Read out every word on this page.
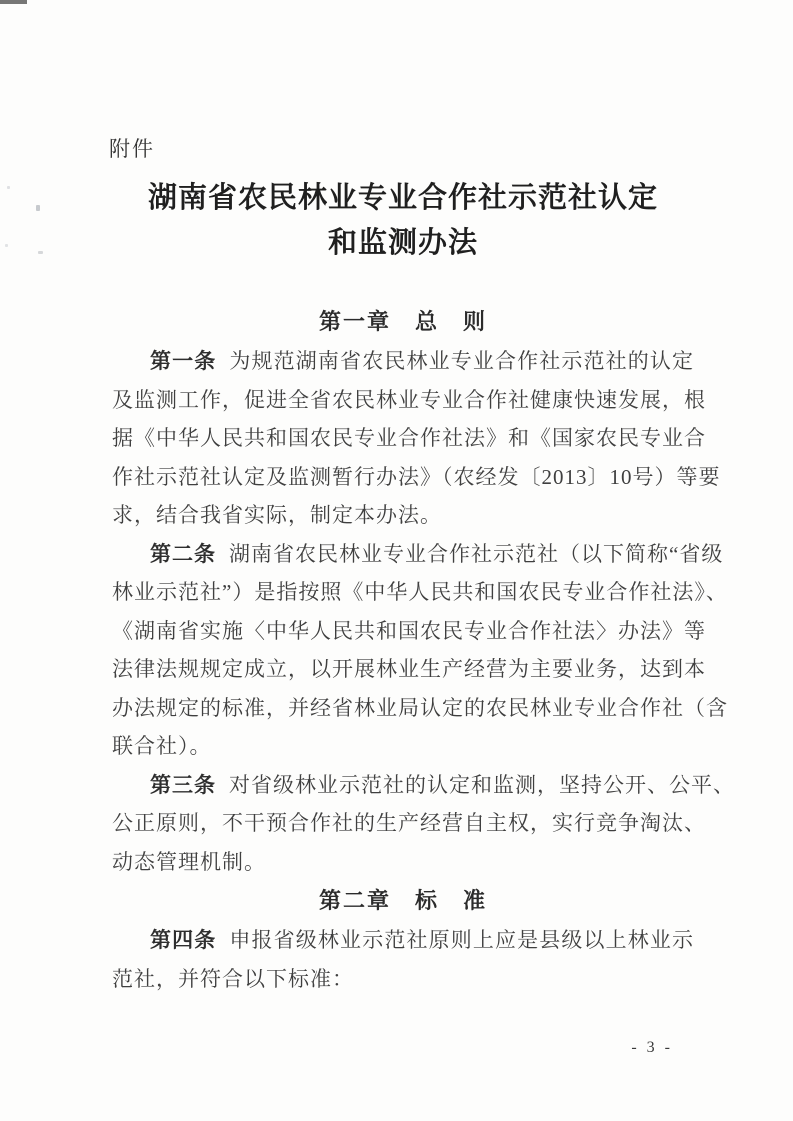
附件
湖南省农民林业专业合作社示范社认定
和监测办法
第一章　总　则
第一条 为规范湖南省农民林业专业合作社示范社的认定
及监测工作，促进全省农民林业专业合作社健康快速发展，根
据《中华人民共和国农民专业合作社法》和《国家农民专业合
作社示范社认定及监测暂行办法》（农经发〔2013〕10号）等要
求，结合我省实际，制定本办法。
第二条 湖南省农民林业专业合作社示范社（以下简称“省级
林业示范社”）是指按照《中华人民共和国农民专业合作社法》、
《湖南省实施〈中华人民共和国农民专业合作社法〉办法》等
法律法规规定成立，以开展林业生产经营为主要业务，达到本
办法规定的标准，并经省林业局认定的农民林业专业合作社（含
联合社）。
第三条 对省级林业示范社的认定和监测，坚持公开、公平、
公正原则，不干预合作社的生产经营自主权，实行竞争淘汰、
动态管理机制。
第二章　标　准
第四条 申报省级林业示范社原则上应是县级以上林业示
范社，并符合以下标准：
- 3 -
